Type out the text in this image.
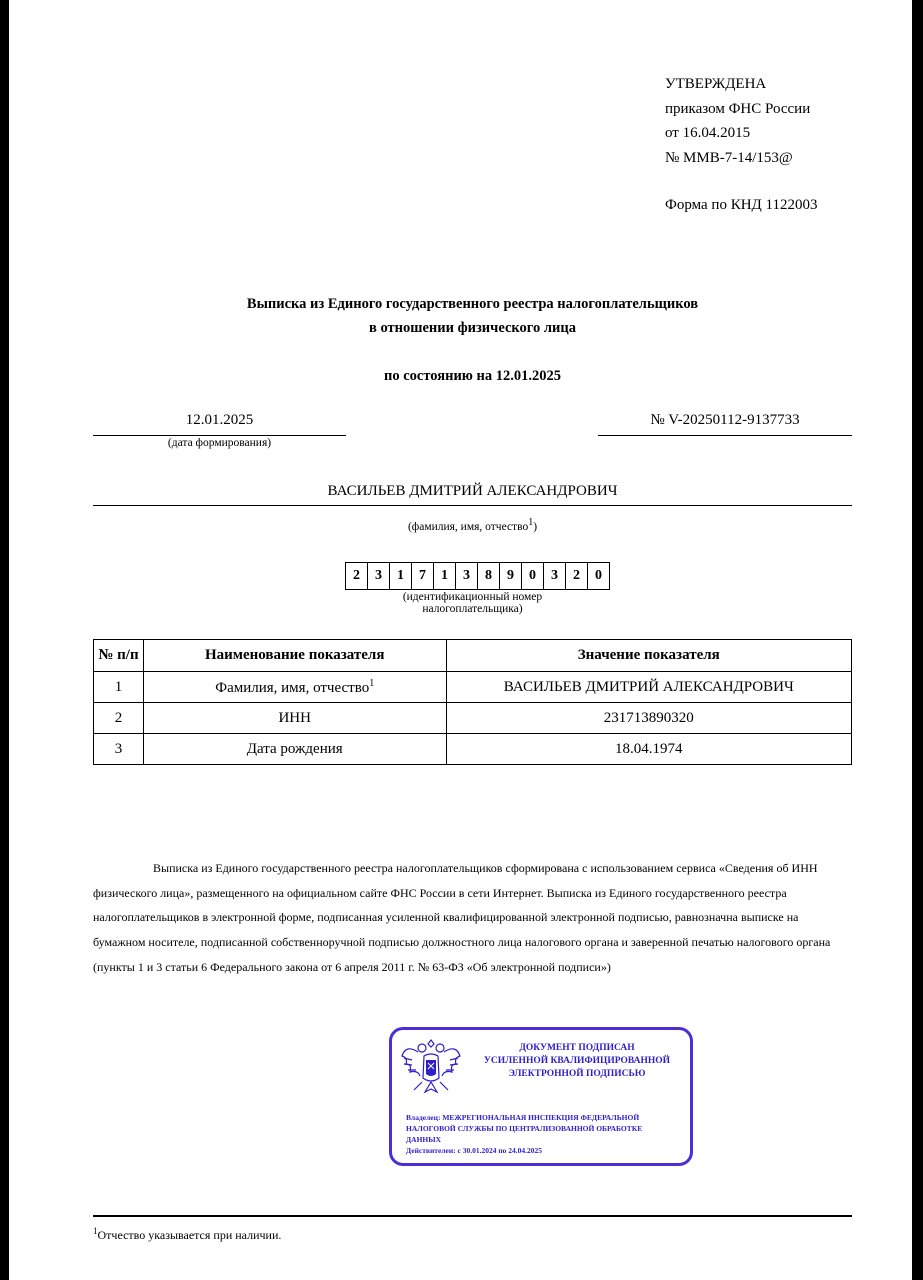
УТВЕРЖДЕНА
приказом ФНС России
от 16.04.2015
№ ММВ-7-14/153@
Форма по КНД 1122003
Выписка из Единого государственного реестра налогоплательщиков
в отношении физического лица
по состоянию на 12.01.2025
12.01.2025
(дата формирования)
№ V-20250112-9137733
ВАСИЛЬЕВ ДМИТРИЙ АЛЕКСАНДРОВИЧ
(фамилия, имя, отчество$^1$)
2	3	1	7	1	3	8	9	0	3	2	0
(идентификационный номер
налогоплательщика)
№ п/п	Наименование показателя	Значение показателя
1	Фамилия, имя, отчество$^1$	ВАСИЛЬЕВ ДМИТРИЙ АЛЕКСАНДРОВИЧ
2	ИНН	231713890320
3	Дата рождения	18.04.1974
Выписка из Единого государственного реестра налогоплательщиков сформирована с использованием сервиса «Сведения об ИНН
физического лица», размещенного на официальном сайте ФНС России в сети Интернет. Выписка из Единого государственного реестра
налогоплательщиков в электронной форме, подписанная усиленной квалифицированной электронной подписью, равнозначна выписке на
бумажном носителе, подписанной собственноручной подписью должностного лица налогового органа и заверенной печатью налогового органа
(пункты 1 и 3 статьи 6 Федерального закона от 6 апреля 2011 г. № 63-ФЗ «Об электронной подписи»)
ДОКУМЕНТ ПОДПИСАН
УСИЛЕННОЙ КВАЛИФИЦИРОВАННОЙ
ЭЛЕКТРОННОЙ ПОДПИСЬЮ
Владелец: МЕЖРЕГИОНАЛЬНАЯ ИНСПЕКЦИЯ ФЕДЕРАЛЬНОЙ НАЛОГОВОЙ СЛУЖБЫ ПО ЦЕНТРАЛИЗОВАННОЙ ОБРАБОТКЕ ДАННЫХ
Действителен: с 30.01.2024 по 24.04.2025
$^1$Отчество указывается при наличии.
